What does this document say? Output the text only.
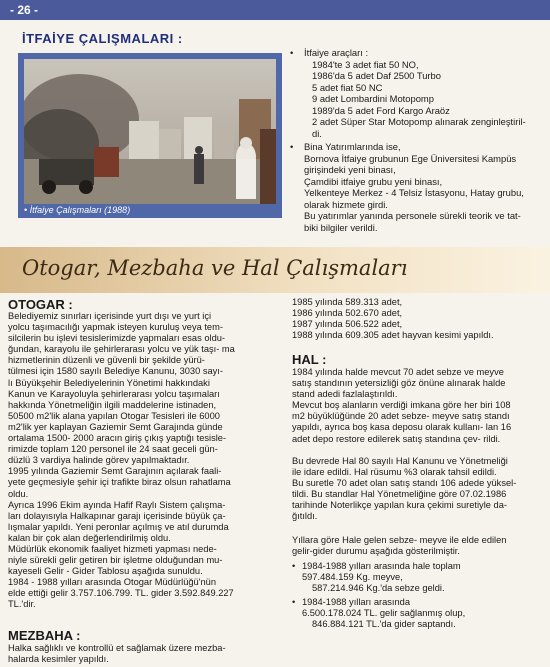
- 26 -
İTFAİYE ÇALIŞMALARI :
• İtfaiye Çalışmaları (1988)
•	İtfaiye araçları :
1984'te 3 adet fiat 50 NO,
1986'da 5 adet Daf 2500 Turbo
5 adet fiat 50 NC
9 adet Lombardini Motopomp
1989'da 5 adet Ford Kargo Araöz
2 adet Süper Star Motopomp alınarak zenginleştiril-
di.
•	Bina Yatırımlarında ise,
Bornova İtfaiye grubunun Ege Üniversitesi Kampüs
girişindeki yeni binası,
Çamdibi itfaiye grubu yeni binası,
Yelkenteye Merkez - 4 Telsiz İstasyonu, Hatay grubu,
olarak hizmete girdi.
Bu yatırımlar yanında personele sürekli teorik ve tat-
biki bilgiler verildi.
Otogar, Mezbaha ve Hal Çalışmaları
OTOGAR :
Belediyemiz sınırları içerisinde yurt dışı ve yurt içi
yolcu taşımacılığı yapmak isteyen kuruluş veya tem-
silcilerin bu işlevi tesislerimizde yapmaları esas oldu-
ğundan, karayolu ile şehirlerarası yolcu ve yük taşı- ma
hizmetlerinin düzenli ve güvenli bir şekilde yürü-
tülmesi için 1580 sayılı Belediye Kanunu, 3030 sayı-
lı Büyükşehir Belediyelerinin Yönetimi hakkındaki
Kanun ve Karayoluyla şehirlerarası yolcu taşımaları
hakkında Yönetmeliğin ilgili maddelerine istinaden,
50500 m2'lik alana yapılan Otogar Tesisleri ile 6000
m2'lik yer kaplayan Gaziemir Semt Garajında günde
ortalama 1500- 2000 aracın giriş çıkış yaptığı tesisle-
rimizde toplam 120 personel ile 24 saat geceli gün-
düzlü 3 vardiya halinde görev yapılmaktadır.
1995 yılında Gaziemir Semt Garajının açılarak faali-
yete geçmesiyle şehir içi trafikte biraz olsun rahatlama
oldu.
Ayrıca 1996 Ekim ayında Hafif Raylı Sistem çalışma-
ları dolayısıyla Halkapınar garajı içerisinde büyük ça-
lışmalar yapıldı. Yeni peronlar açılmış ve atıl durumda
kalan bir çok alan değerlendirilmiş oldu.
Müdürlük ekonomik faaliyet hizmeti yapması nede-
niyle sürekli gelir getiren bir işletme olduğundan mu-
kayeseli Gelir - Gider Tablosu aşağıda sunuldu.
1984 - 1988 yılları arasında Otogar Müdürlüğü'nün
elde ettiği gelir 3.757.106.799. TL. gider 3.592.849.227
TL.'dir.
MEZBAHA :
Halka sağlıklı ve kontrollü et sağlamak üzere mezba-
halarda kesimler yapıldı.
1985 yılında 589.313 adet,
1986 yılında 502.670 adet,
1987 yılında 506.522 adet,
1988 yılında 609.305 adet hayvan kesimi yapıldı.
HAL :
1984 yılında halde mevcut 70 adet sebze ve meyve
satış standının yetersizliği göz önüne alınarak halde
stand adedi fazlalaştırıldı.
Mevcut boş alanların verdiği imkana göre her biri 108
m2 büyüklüğünde 20 adet sebze- meyve satış standı
yapıldı, ayrıca boş kasa deposu olarak kullanı- lan 16
adet depo restore edilerek satış standına çev- rildi.
Bu devrede Hal 80 sayılı Hal Kanunu ve Yönetmeliği
ile idare edildi. Hal rüsumu %3 olarak tahsil edildi.
Bu suretle 70 adet olan satış standı 106 adede yüksel-
tildi. Bu standlar Hal Yönetmeliğine göre 07.02.1986
tarihinde Noterlikçe yapılan kura çekimi suretiyle da-
ğıtıldı.
Yıllara göre Hale gelen sebze- meyve ile elde edilen
gelir-gider durumu aşağıda gösterilmiştir.
• 1984-1988 yılları arasında hale toplam
597.484.159 Kg. meyve,
587.214.946 Kg.'da sebze geldi.
• 1984-1988 yılları arasında
6.500.178.024 TL. gelir sağlanmış olup,
846.884.121 TL.'da gider saptandı.
